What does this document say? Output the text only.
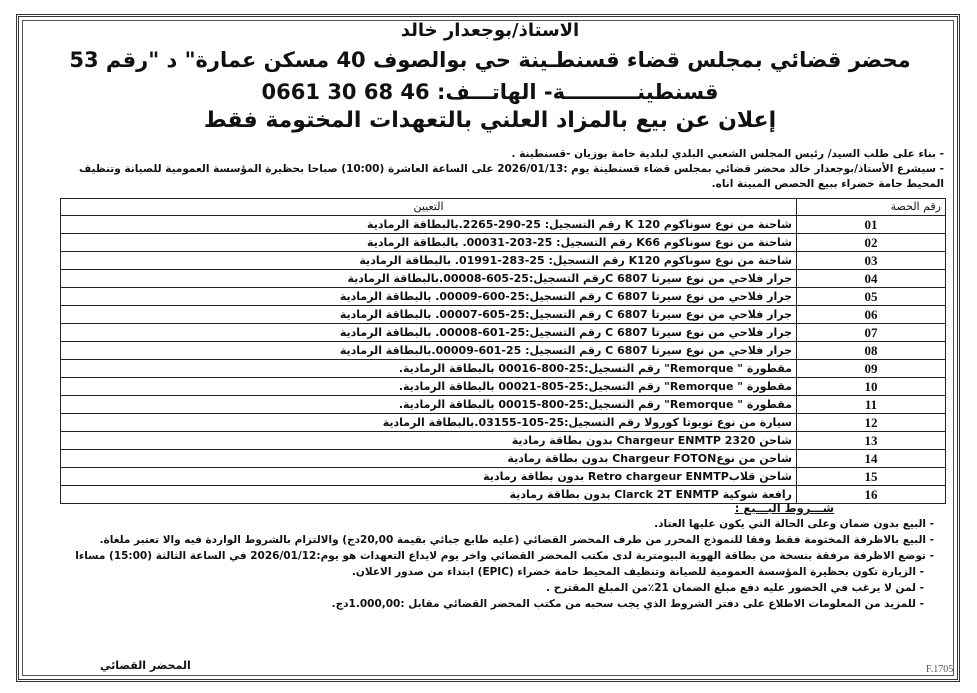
الاستاذ/بوجعدار خالد
محضر قضائي بمجلس قضاء قسنطـينة حي بوالصوف 40 مسكن عمارة" د "رقم 53
قسنطينــــــــــة- الهاتـــف: 46 68 30 0661
إعلان عن بيع بالمزاد العلني بالتعهدات المختومة فقط

- بناء على طلب السيد/ رئيس المجلس الشعبي البلدي لبلدية حامة بوزيان -قسنطينة .

- سيشرع الأستاذ/بوجعدار خالد محضر قضائي بمجلس قضاء قسنطينة يوم :2026/01/13 على الساعة العاشرة (10:00) صباحا بحظيرة المؤسسة العمومية للصيانة وتنظيف المحيط حامة خضراء ببيع الحصص المبينة اناه.

رقم الحصة	التعيين
01	شاحنة من نوع سوناكوم K 120 رقم التسجيل: 25-290-2265.بالبطاقة الرمادية
02	شاحنة من نوع سوناكوم K66 رقم التسجيل: 25-203-00031. بالبطاقة الرمادية
03	شاحنة من نوع سوناكوم K120 رقم التسجيل: 25-283-01991. بالبطاقة الرمادية
04	جرار فلاحي من نوع سيرتا C 6807رقم التسجيل:25-605-00008.بالبطاقة الرمادية
05	جرار فلاحي من نوع سيرتا C 6807 رقم التسجيل:25-600-00009. بالبطاقة الرمادية
06	جرار فلاحي من نوع سيرتا C 6807 رقم التسجيل:25-605-00007. بالبطاقة الرمادية
07	جرار فلاحي من نوع سيرتا C 6807 رقم التسجيل:25-601-00008. بالبطاقة الرمادية
08	جرار فلاحي من نوع سيرتا C 6807 رقم التسجيل: 25-601-00009.بالبطاقة الرمادية
09	مقطورة " Remorque" رقم التسجيل:25-800-00016 بالبطاقة الرمادية.
10	مقطورة " Remorque" رقم التسجيل:25-805-00021 بالبطاقة الرمادية.
11	مقطورة " Remorque" رقم التسجيل:25-800-00015 بالبطاقة الرمادية.
12	سيارة من نوع تويوتا كورولا رقم التسجيل:25-105-03155.بالبطاقة الرمادية
13	شاحن Chargeur ENMTP 2320 بدون بطاقة رمادية
14	شاحن من نوعChargeur FOTON بدون بطاقة رمادية
15	شاحن قلابRetro chargeur ENMTP بدون بطاقة رمادية
16	رافعة شوكية Clarck 2T ENMTP بدون بطاقة رمادية
شـــروط البـــيع :

- البيع بدون ضمان وعلى الحالة التي يكون عليها العتاد.

- البيع بالاظرفة المختومة فقط وفقا للنموذج المحرر من طرف المحضر القضائي (عليه طابع جبائي بقيمة 20,00دج) والالتزام بالشروط الواردة فيه والا تعتبر ملغاة.

- توضع الاظرفة مرفقة بنسخة من بطاقة الهوية البيومترية لدى مكتب المحضر القضائي واخر يوم لايداع التعهدات هو يوم:2026/01/12 في الساعة الثالثة (15:00) مساءا

- الزيارة تكون بحظيرة المؤسسة العمومية للصيانة وتنظيف المحيط حامة خضراء (EPIC) ابتداء من صدور الاعلان.

- لمن لا يرغب في الحضور عليه دفع مبلغ الضمان 21٪من المبلغ المقترح .

- للمزيد من المعلومات الاطلاع على دفتر الشروط الذي يجب سحبه من مكتب المحضر القضائي مقابل :1.000,00دج.

المحضر القضائي	F.1705
